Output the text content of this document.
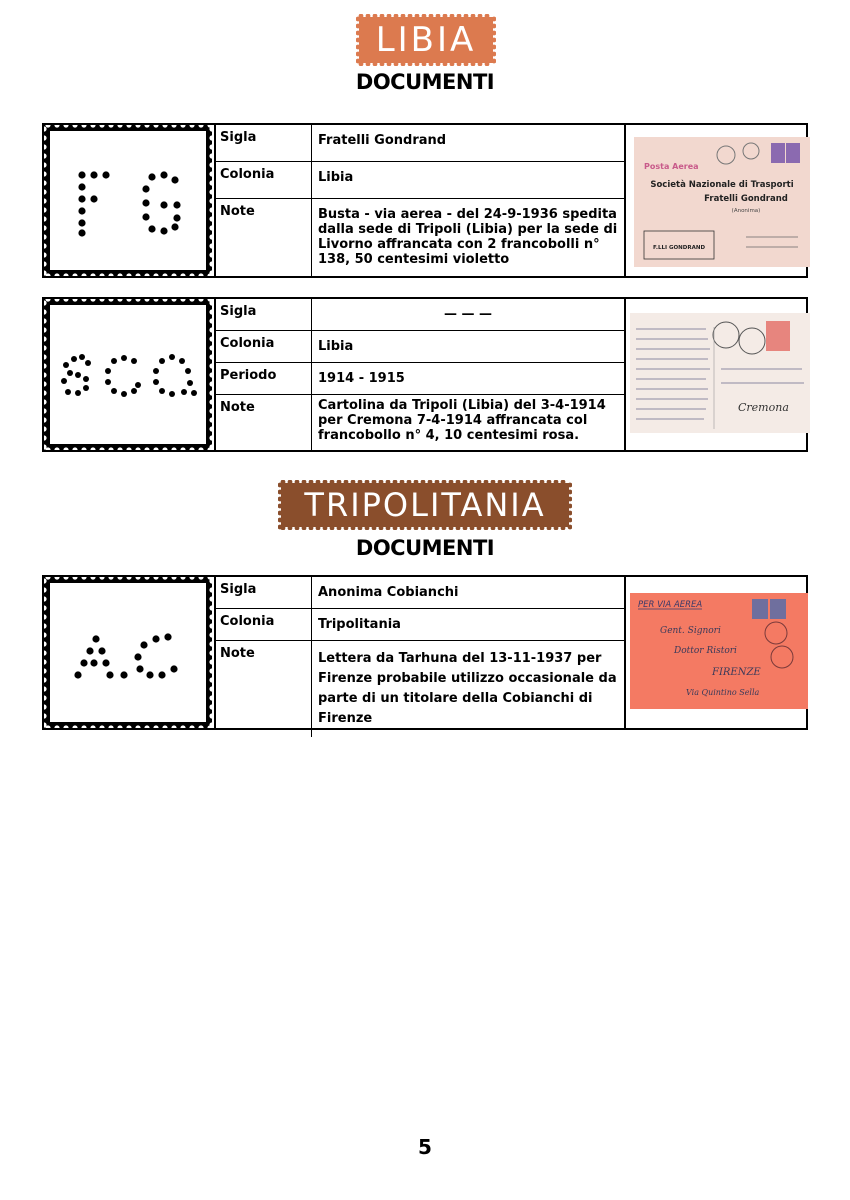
LIBIA
DOCUMENTI
Sigla	Fratelli Gondrand
Colonia	Libia
Note	Busta - via aerea - del 24-9-1936 spedita dalla sede di Tripoli (Libia) per la sede di Livorno affrancata con 2 francobolli n° 138, 50 centesimi violetto
Posta Aerea
Società Nazionale di Trasporti
Fratelli Gondrand
(Anonima)
F.LLI GONDRAND
Sigla	— — —
Colonia	Libia
Periodo	1914 - 1915
Note	Cartolina da Tripoli (Libia) del 3-4-1914 per Cremona 7-4-1914 affrancata col francobollo n° 4, 10 centesimi rosa.
Cremona
TRIPOLITANIA
DOCUMENTI
Sigla	Anonima Cobianchi
Colonia	Tripolitania
Note	Lettera da Tarhuna del 13-11-1937 per Firenze probabile utilizzo occasionale da parte di un titolare della Cobianchi di Firenze
PER VIA AEREA
Gent. Signori
Dottor Ristori
FIRENZE
Via Quintino Sella
5
